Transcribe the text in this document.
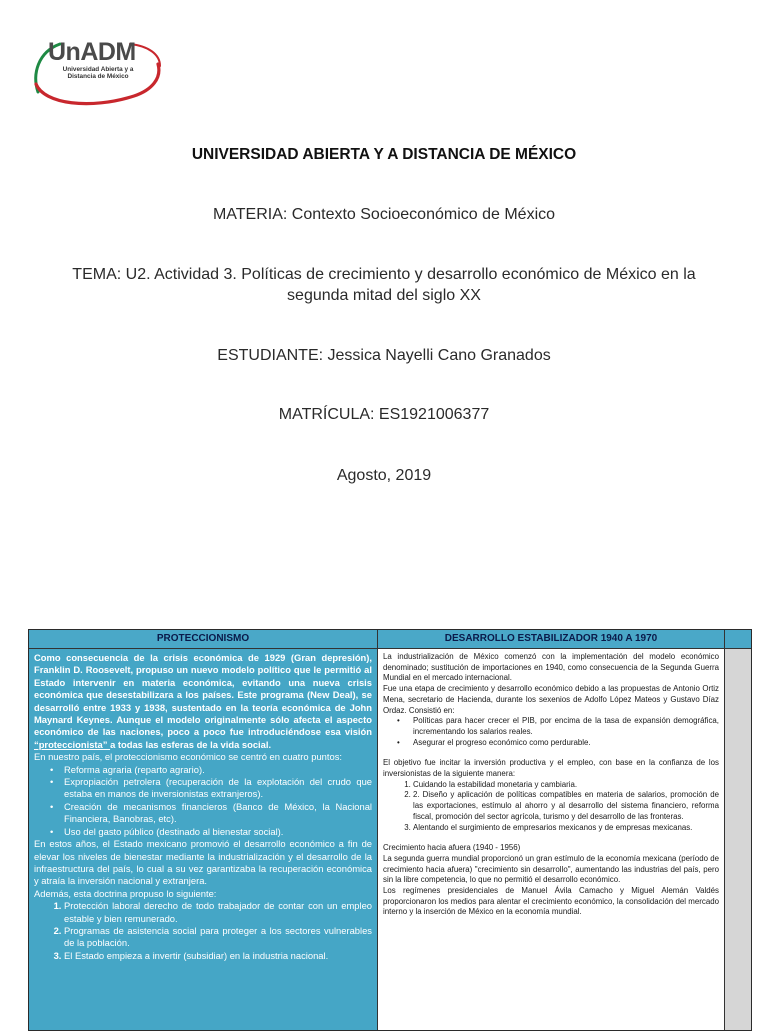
UnADM
Universidad Abierta y a
Distancia de México
UNIVERSIDAD ABIERTA Y A DISTANCIA DE MÉXICO
MATERIA: Contexto Socioeconómico de México
TEMA: U2. Actividad 3. Políticas de crecimiento y desarrollo económico de México en la segunda mitad del siglo XX
ESTUDIANTE: Jessica Nayelli Cano Granados
MATRÍCULA: ES1921006377
Agosto, 2019
PROTECCIONISMO	DESARROLLO ESTABILIZADOR 1940 A 1970

Como consecuencia de la crisis económica de 1929 (Gran depresión), Franklin D. Roosevelt, propuso un nuevo modelo político que le permitió al Estado intervenir en materia económica, evitando una nueva crisis económica que desestabilizara a los países. Este programa (New Deal), se desarrolló entre 1933 y 1938, sustentado en la teoría económica de John Maynard Keynes. Aunque el modelo originalmente sólo afecta el aspecto económico de las naciones, poco a poco fue introduciéndose esa visión “proteccionista” a todas las esferas de la vida social.

En nuestro país, el proteccionismo económico se centró en cuatro puntos:

• Reforma agraria (reparto agrario).
• Expropiación petrolera (recuperación de la explotación del crudo que estaba en manos de inversionistas extranjeros).
• Creación de mecanismos financieros (Banco de México, la Nacional Financiera, Banobras, etc).
• Uso del gasto público (destinado al bienestar social).

En estos años, el Estado mexicano promovió el desarrollo económico a fin de elevar los niveles de bienestar mediante la industrialización y el desarrollo de la infraestructura del país, lo cual a su vez garantizaba la recuperación económica y atraía la inversión nacional y extranjera.

Además, esta doctrina propuso lo siguiente:

1. Protección laboral derecho de todo trabajador de contar con un empleo estable y bien remunerado.
2. Programas de asistencia social para proteger a los sectores vulnerables de la población.
3. El Estado empieza a invertir (subsidiar) en la industria nacional.

La industrialización de México comenzó con la implementación del modelo económico denominado; sustitución de importaciones en 1940, como consecuencia de la Segunda Guerra Mundial en el mercado internacional.

Fue una etapa de crecimiento y desarrollo económico debido a las propuestas de Antonio Ortiz Mena, secretario de Hacienda, durante los sexenios de Adolfo López Mateos y Gustavo Díaz Ordaz. Consistió en:

• Políticas para hacer crecer el PIB, por encima de la tasa de expansión demográfica, incrementando los salarios reales.
• Asegurar el progreso económico como perdurable.

El objetivo fue incitar la inversión productiva y el empleo, con base en la confianza de los inversionistas de la siguiente manera:

1. Cuidando la estabilidad monetaria y cambiaria.
2. 2. Diseño y aplicación de políticas compatibles en materia de salarios, promoción de las exportaciones, estímulo al ahorro y al desarrollo del sistema financiero, reforma fiscal, promoción del sector agrícola, turismo y del desarrollo de las fronteras.
3. Alentando el surgimiento de empresarios mexicanos y de empresas mexicanas.

Crecimiento hacia afuera (1940 - 1956)

La segunda guerra mundial proporcionó un gran estímulo de la economía mexicana (período de crecimiento hacia afuera) "crecimiento sin desarrollo", aumentando las industrias del país, pero sin la libre competencia, lo que no permitió el desarrollo económico.

Los regímenes presidenciales de Manuel Ávila Camacho y Miguel Alemán Valdés proporcionaron los medios para alentar el crecimiento económico, la consolidación del mercado interno y la inserción de México en la economía mundial.
